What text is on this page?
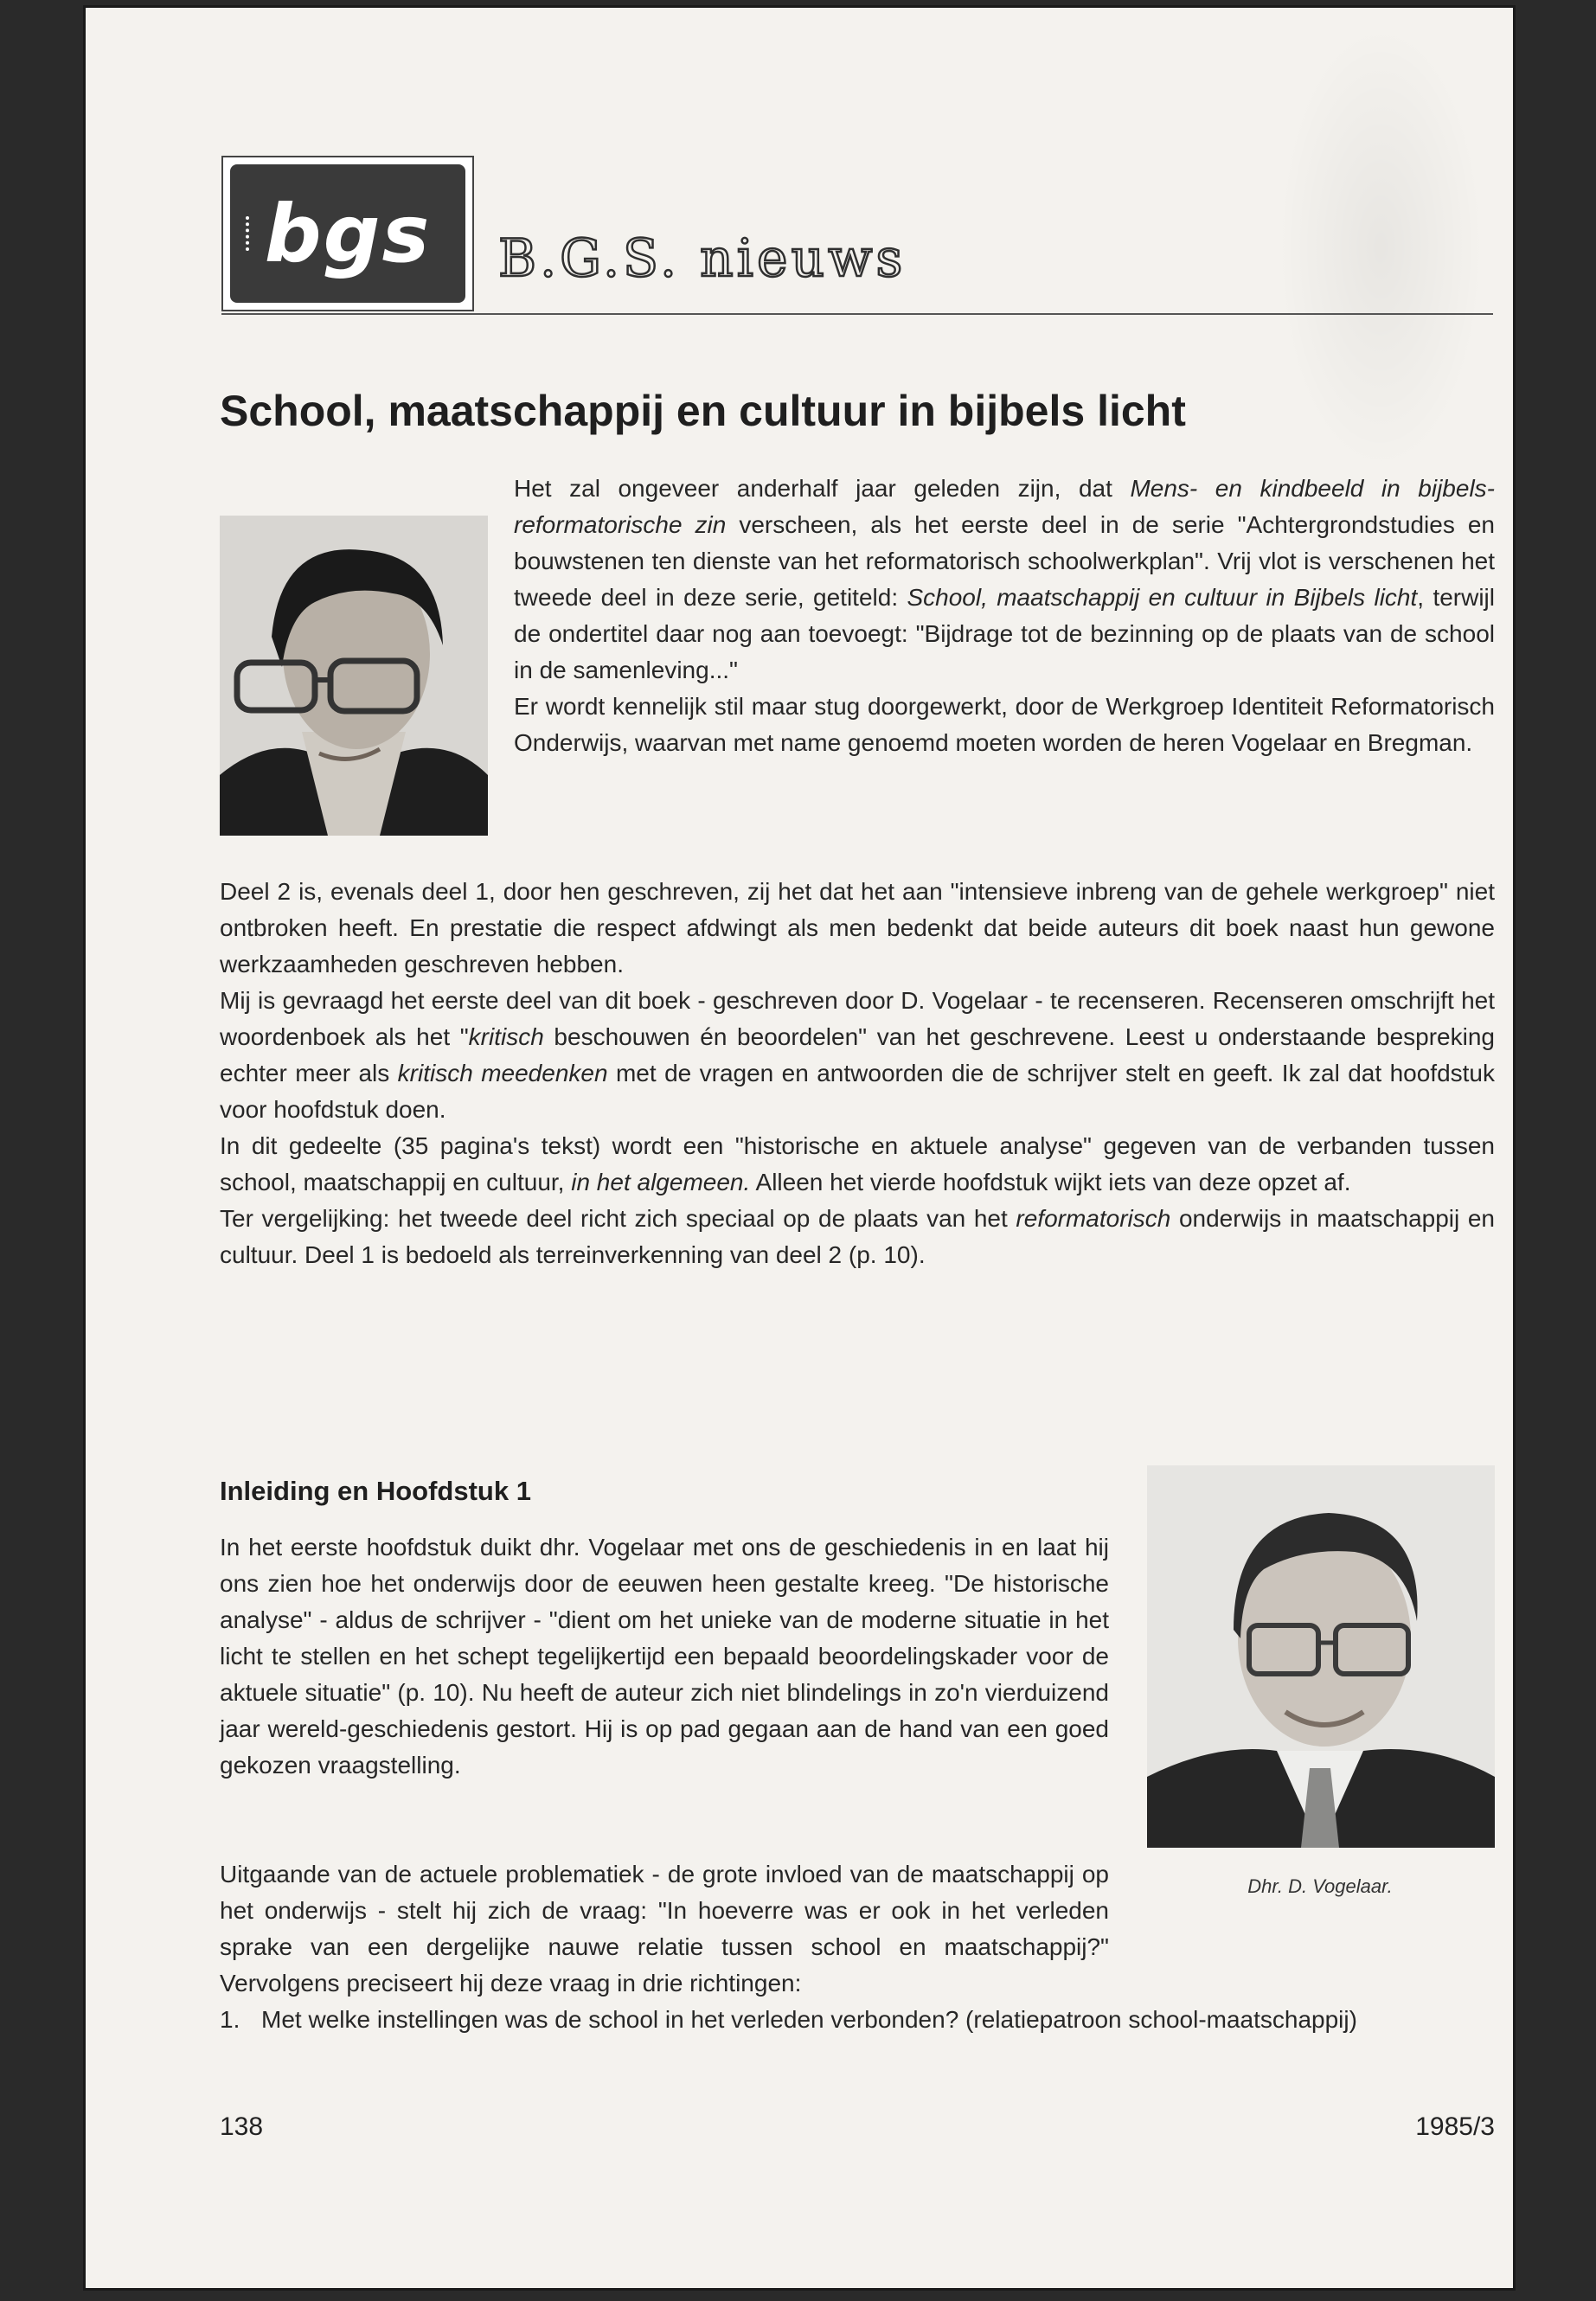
bgs B.G.S. nieuws
School, maatschappij en cultuur in bijbels licht

Het zal ongeveer anderhalf jaar geleden zijn, dat Mens- en kindbeeld in bijbels-reformatorische zin verscheen, als het eerste deel in de serie "Achtergrondstudies en bouwstenen ten dienste van het reformatorisch schoolwerkplan". Vrij vlot is verschenen het tweede deel in deze serie, getiteld: School, maatschappij en cultuur in Bijbels licht, terwijl de ondertitel daar nog aan toevoegt: "Bijdrage tot de bezinning op de plaats van de school in de samenleving..."

Er wordt kennelijk stil maar stug doorgewerkt, door de Werkgroep Identiteit Reformatorisch Onderwijs, waarvan met name genoemd moeten worden de heren Vogelaar en Bregman.

Deel 2 is, evenals deel 1, door hen geschreven, zij het dat het aan "intensieve inbreng van de gehele werkgroep" niet ontbroken heeft. En prestatie die respect afdwingt als men bedenkt dat beide auteurs dit boek naast hun gewone werkzaamheden geschreven hebben.

Mij is gevraagd het eerste deel van dit boek - geschreven door D. Vogelaar - te recenseren. Recenseren omschrijft het woordenboek als het "kritisch beschouwen én beoordelen" van het geschrevene. Leest u onderstaande bespreking echter meer als kritisch meedenken met de vragen en antwoorden die de schrijver stelt en geeft. Ik zal dat hoofdstuk voor hoofdstuk doen.

In dit gedeelte (35 pagina's tekst) wordt een "historische en aktuele analyse" gegeven van de verbanden tussen school, maatschappij en cultuur, in het algemeen. Alleen het vierde hoofdstuk wijkt iets van deze opzet af.

Ter vergelijking: het tweede deel richt zich speciaal op de plaats van het reformatorisch onderwijs in maatschappij en cultuur. Deel 1 is bedoeld als terreinverkenning van deel 2 (p. 10).

Inleiding en Hoofdstuk 1

In het eerste hoofdstuk duikt dhr. Vogelaar met ons de geschiedenis in en laat hij ons zien hoe het onderwijs door de eeuwen heen gestalte kreeg. "De historische analyse" - aldus de schrijver - "dient om het unieke van de moderne situatie in het licht te stellen en het schept tegelijkertijd een bepaald beoordelingskader voor de aktuele situatie" (p. 10). Nu heeft de auteur zich niet blindelings in zo'n vierduizend jaar wereld-geschiedenis gestort. Hij is op pad gegaan aan de hand van een goed gekozen vraagstelling.

Dhr. D. Vogelaar.

Uitgaande van de actuele problematiek - de grote invloed van de maatschappij op het onderwijs - stelt hij zich de vraag: "In hoeverre was er ook in het verleden sprake van een dergelijke nauwe relatie tussen school en maatschappij?" Vervolgens preciseert hij deze vraag in drie richtingen:

1. Met welke instellingen was de school in het verleden verbonden? (relatiepatroon school-maatschappij)
138	1985/3
